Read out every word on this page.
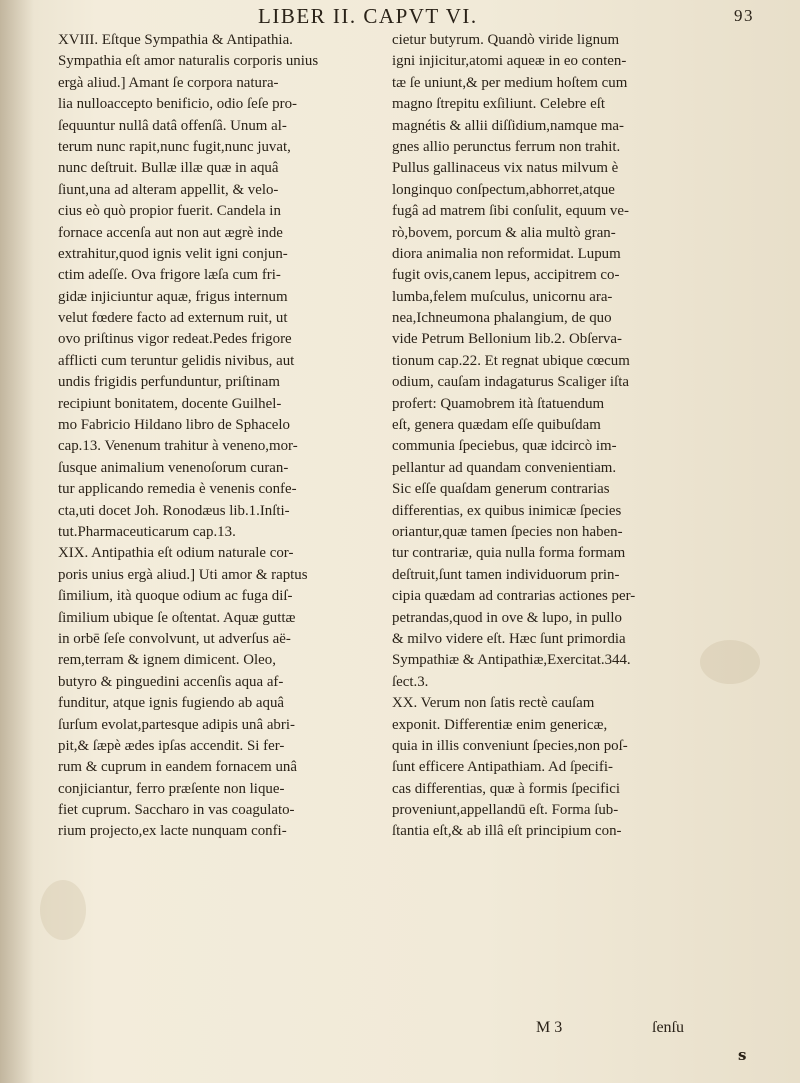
LIBER II. CAPVT VI.	93
XVIII. Eſtque Sympathia & Antipathia.
Sympathia eſt amor naturalis corporis unius
ergà aliud.] Amant ſe corpora natura-
lia nulloaccepto benificio, odio ſeſe pro-
ſequuntur nullâ datâ offenſâ. Unum al-
terum nunc rapit,nunc fugit,nunc juvat,
nunc deſtruit. Bullæ illæ quæ in aquâ
ſiunt,una ad alteram appellit, & velo-
cius eò quò propior fuerit. Candela in
fornace accenſa aut non aut ægrè inde
extrahitur,quod ignis velit igni conjun-
ctim adeſſe. Ova frigore læſa cum fri-
gidæ injiciuntur aquæ, frigus internum
velut fœdere facto ad externum ruit, ut
ovo priſtinus vigor redeat.Pedes frigore
afflicti cum teruntur gelidis nivibus, aut
undis frigidis perfunduntur, priſtinam
recipiunt bonitatem, docente Guilhel-
mo Fabricio Hildano libro de Sphacelo
cap.13. Venenum trahitur à veneno,mor-
ſusque animalium venenoſorum curan-
tur applicando remedia è venenis confe-
cta,uti docet Joh. Ronodæus lib.1.Inſti-
tut.Pharmaceuticarum cap.13.
XIX. Antipathia eſt odium naturale cor-
poris unius ergà aliud.] Uti amor & raptus
ſimilium, ità quoque odium ac fuga diſ-
ſimilium ubique ſe oſtentat. Aquæ guttæ
in orbē ſeſe convolvunt, ut adverſus aë-
rem,terram & ignem dimicent. Oleo,
butyro & pinguedini accenſis aqua af-
funditur, atque ignis fugiendo ab aquâ
ſurſum evolat,partesque adipis unâ abri-
pit,& ſæpè ædes ipſas accendit. Si fer-
rum & cuprum in eandem fornacem unâ
conjiciantur, ferro præſente non lique-
fiet cuprum. Saccharo in vas coagulato-
rium projecto,ex lacte nunquam confi-
cietur butyrum. Quandò viride lignum
igni injicitur,atomi aqueæ in eo conten-
tæ ſe uniunt,& per medium hoſtem cum
magno ſtrepitu exſiliunt. Celebre eſt
magnétis & allii diſſidium,namque ma-
gnes allio perunctus ferrum non trahit.
Pullus gallinaceus vix natus milvum è
longinquo conſpectum,abhorret,atque
fugâ ad matrem ſibi conſulit, equum ve-
rò,bovem, porcum & alia multò gran-
diora animalia non reformidat. Lupum
fugit ovis,canem lepus, accipitrem co-
lumba,felem muſculus, unicornu ara-
nea,Ichneumona phalangium, de quo
vide Petrum Bellonium lib.2. Obſerva-
tionum cap.22. Et regnat ubique cœcum
odium, cauſam indagaturus Scaliger iſta
profert: Quamobrem ità ſtatuendum
eſt, genera quædam eſſe quibuſdam
communia ſpeciebus, quæ idcircò im-
pellantur ad quandam convenientiam.
Sic eſſe quaſdam generum contrarias
differentias, ex quibus inimicæ ſpecies
oriantur,quæ tamen ſpecies non haben-
tur contrariæ, quia nulla forma formam
deſtruit,ſunt tamen individuorum prin-
cipia quædam ad contrarias actiones per-
petrandas,quod in ove & lupo, in pullo
& milvo videre eſt. Hæc ſunt primordia
Sympathiæ & Antipathiæ,Exercitat.344.
ſect.3.
XX. Verum non ſatis rectè cauſam
exponit. Differentiæ enim genericæ,
quia in illis conveniunt ſpecies,non poſ-
ſunt efficere Antipathiam. Ad ſpecifi-
cas differentias, quæ à formis ſpecifici
proveniunt,appellandū eſt. Forma ſub-
ſtantia eſt,& ab illâ eſt principium con-
M 3	ſenſu
s
